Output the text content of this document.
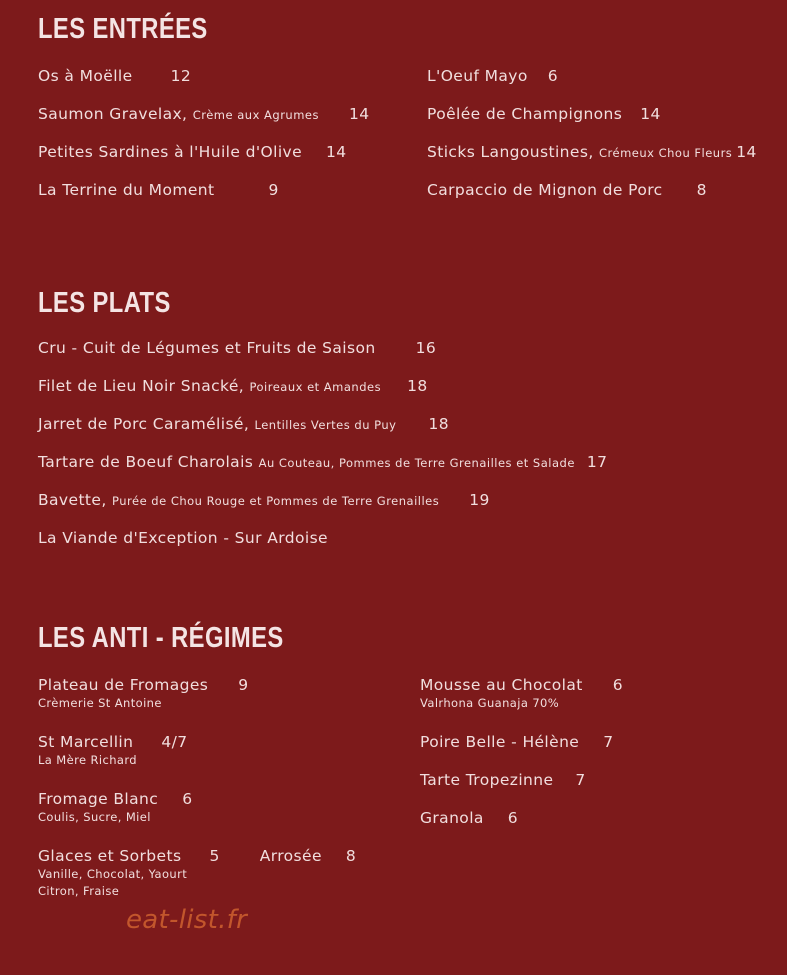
LES ENTRÉES
Os à Moëlle 12
Saumon Gravelax, Crème aux Agrumes 14
Petites Sardines à l'Huile d'Olive 14
La Terrine du Moment	9
L'Oeuf Mayo 6
Poêlée de Champignons 14
Sticks Langoustines, Crémeux Chou Fleurs 14
Carpaccio de Mignon de Porc 8
LES PLATS
Cru - Cuit de Légumes et Fruits de Saison	16
Filet de Lieu Noir Snacké, Poireaux et Amandes 18
Jarret de Porc Caramélisé, Lentilles Vertes du Puy 18
Tartare de Boeuf Charolais Au Couteau, Pommes de Terre Grenailles et Salade 17
Bavette, Purée de Chou Rouge et Pommes de Terre Grenailles 19
La Viande d'Exception - Sur Ardoise
LES ANTI - RÉGIMES
Plateau de Fromages 9
Crèmerie St Antoine
St Marcellin 4/7
La Mère Richard
Fromage Blanc 6
Coulis, Sucre, Miel
Glaces et Sorbets 5	Arrosée 8
Vanille, Chocolat, Yaourt
Citron, Fraise
Mousse au Chocolat 6
Valrhona Guanaja 70%
Poire Belle - Hélène 7
Tarte Tropezinne 7
Granola 6
eat-list.fr
